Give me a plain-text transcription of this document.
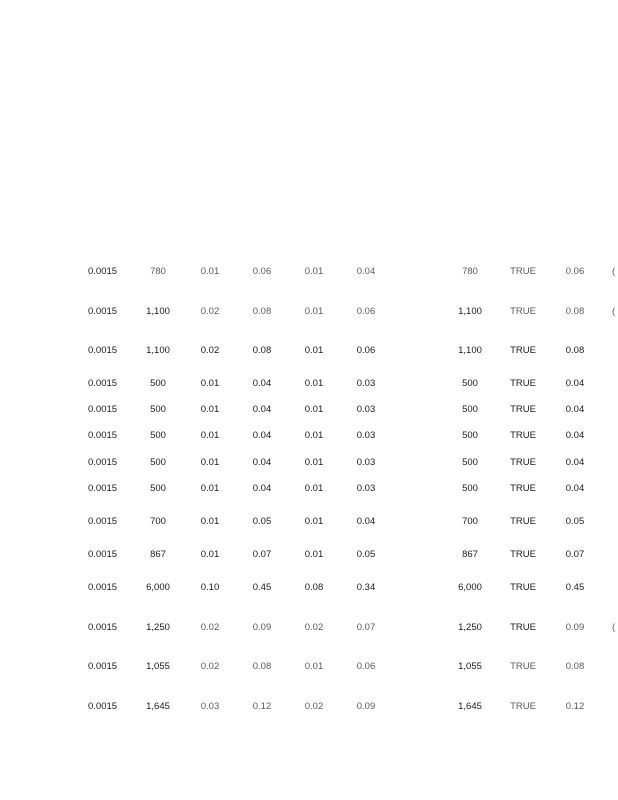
0.0015	780	0.01	0.06	0.01	0.04	780	TRUE	0.06	(
0.0015	1,100	0.02	0.08	0.01	0.06	1,100	TRUE	0.08	(
0.0015	1,100	0.02	0.08	0.01	0.06	1,100	TRUE	0.08
0.0015	500	0.01	0.04	0.01	0.03	500	TRUE	0.04
0.0015	500	0.01	0.04	0.01	0.03	500	TRUE	0.04
0.0015	500	0.01	0.04	0.01	0.03	500	TRUE	0.04
0.0015	500	0.01	0.04	0.01	0.03	500	TRUE	0.04
0.0015	500	0.01	0.04	0.01	0.03	500	TRUE	0.04
0.0015	700	0.01	0.05	0.01	0.04	700	TRUE	0.05
0.0015	867	0.01	0.07	0.01	0.05	867	TRUE	0.07
0.0015	6,000	0.10	0.45	0.08	0.34	6,000	TRUE	0.45
0.0015	1,250	0.02	0.09	0.02	0.07	1,250	TRUE	0.09	(
0.0015	1,055	0.02	0.08	0.01	0.06	1,055	TRUE	0.08
0.0015	1,645	0.03	0.12	0.02	0.09	1,645	TRUE	0.12
